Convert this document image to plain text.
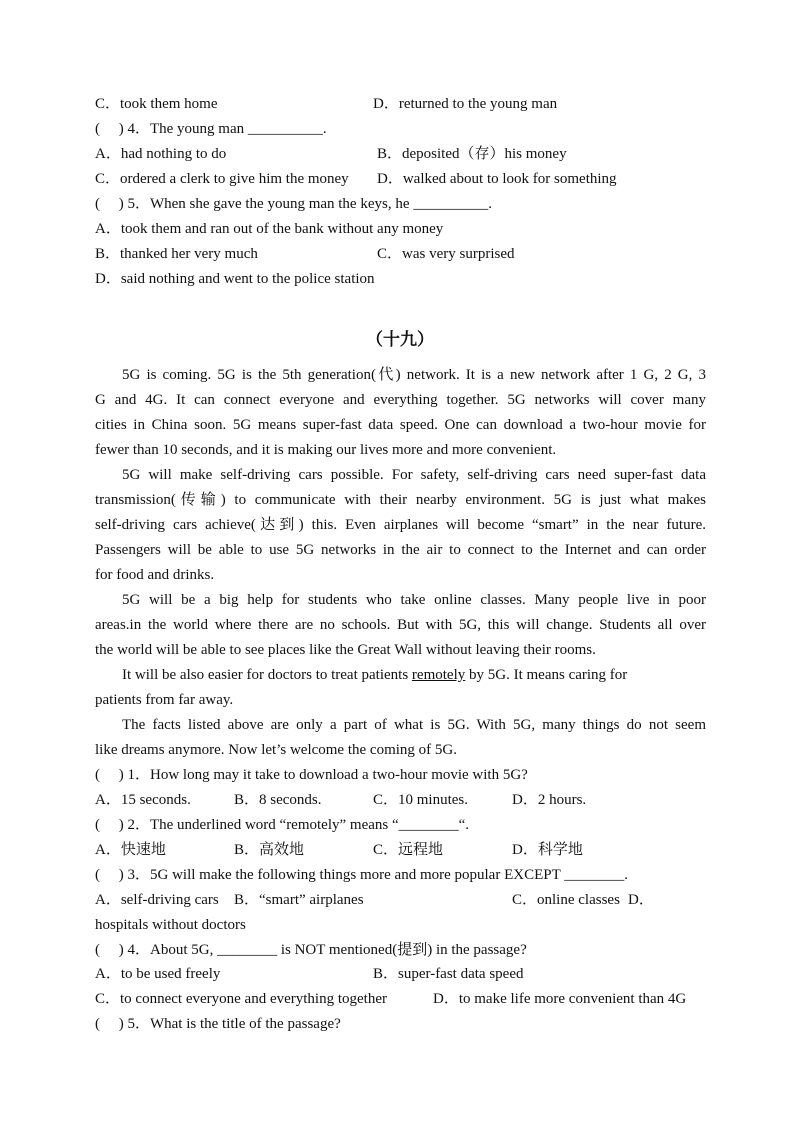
C．took them home	D．returned to the young man
(     ) 4．The young man __________.
A．had nothing to do	B．deposited（存）his money
C．ordered a clerk to give him the money D．walked about to look for something
(     ) 5．When she gave the young man the keys, he __________.
A．took them and ran out of the bank without any money
B．thanked her very much	C．was very surprised
D．said nothing and went to the police station
（十九）
5G is coming. 5G is the 5th generation(代) network. It is a new network after 1 G, 2 G, 3
G and 4G. It can connect everyone and everything together. 5G networks will cover many
cities in China soon. 5G means super-fast data speed. One can download a two-hour movie for
fewer than 10 seconds, and it is making our lives more and more convenient.
5G will make self-driving cars possible. For safety, self-driving cars need super-fast data
transmission(传输) to communicate with their nearby environment. 5G is just what makes
self-driving cars achieve(达到) this. Even airplanes will become “smart” in the near future.
Passengers will be able to use 5G networks in the air to connect to the Internet and can order
for food and drinks.
5G will be a big help for students who take online classes. Many people live in poor
areas.in the world where there are no schools. But with 5G, this will change. Students all over
the world will be able to see places like the Great Wall without leaving their rooms.
It will be also easier for doctors to treat patients remotely by 5G. It means caring for
patients from far away.
The facts listed above are only a part of what is 5G. With 5G, many things do not seem
like dreams anymore. Now let’s welcome the coming of 5G.
(     ) 1．How long may it take to download a two-hour movie with 5G?
A．15 seconds.	B．8 seconds.	C．10 minutes.	D．2 hours.
(     ) 2．The underlined word “remotely” means “________“.
A．快速地	B．高效地	C．远程地	D．科学地
(     ) 3．5G will make the following things more and more popular EXCEPT ________.
A．self-driving cars B．“smart” airplanes	C．online classes D．
hospitals without doctors
(     ) 4．About 5G, ________ is NOT mentioned(提到) in the passage?
A．to be used freely	B．super-fast data speed
C．to connect everyone and everything together	D．to make life more convenient than 4G
(     ) 5．What is the title of the passage?
